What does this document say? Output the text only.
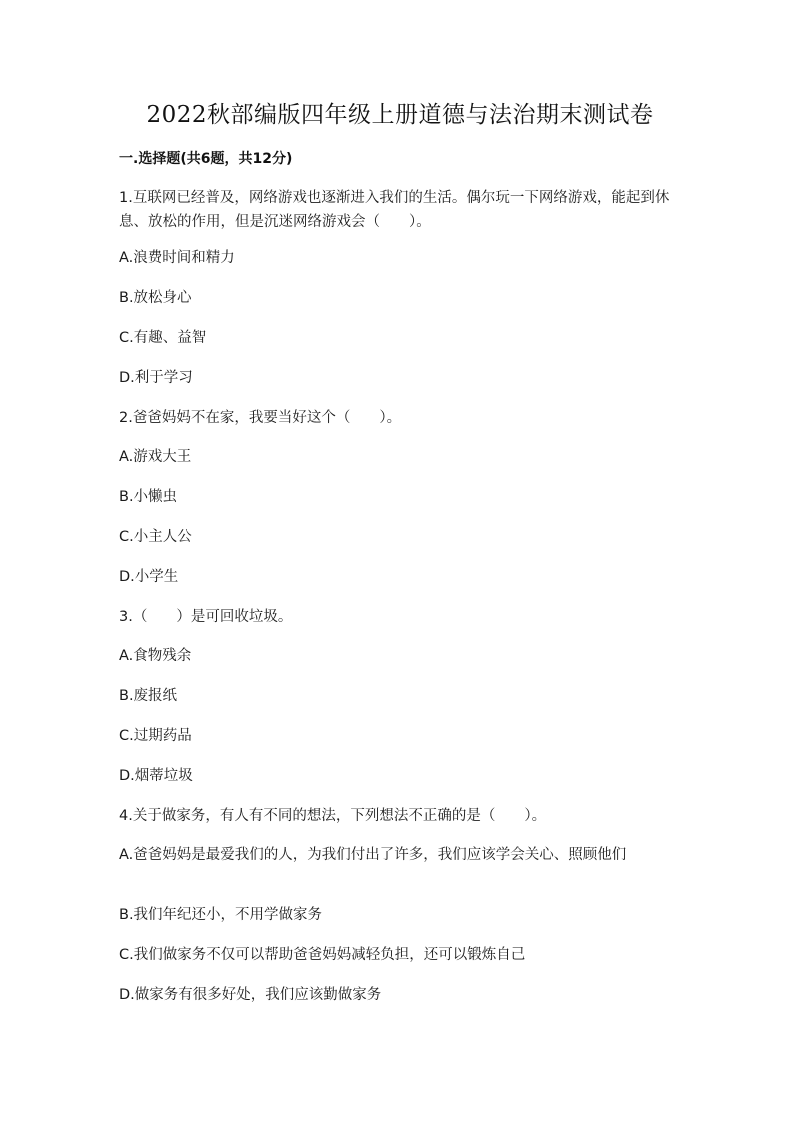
2022秋部编版四年级上册道德与法治期末测试卷
一.选择题(共6题，共12分)
1.互联网已经普及，网络游戏也逐渐进入我们的生活。偶尔玩一下网络游戏，能起到休息、放松的作用，但是沉迷网络游戏会（　　）。
A.浪费时间和精力
B.放松身心
C.有趣、益智
D.利于学习
2.爸爸妈妈不在家，我要当好这个（　　）。
A.游戏大王
B.小懒虫
C.小主人公
D.小学生
3.（　　）是可回收垃圾。
A.食物残余
B.废报纸
C.过期药品
D.烟蒂垃圾
4.关于做家务，有人有不同的想法，下列想法不正确的是（　　）。
A.爸爸妈妈是最爱我们的人，为我们付出了许多，我们应该学会关心、照顾他们
B.我们年纪还小，不用学做家务
C.我们做家务不仅可以帮助爸爸妈妈减轻负担，还可以锻炼自己
D.做家务有很多好处，我们应该勤做家务
